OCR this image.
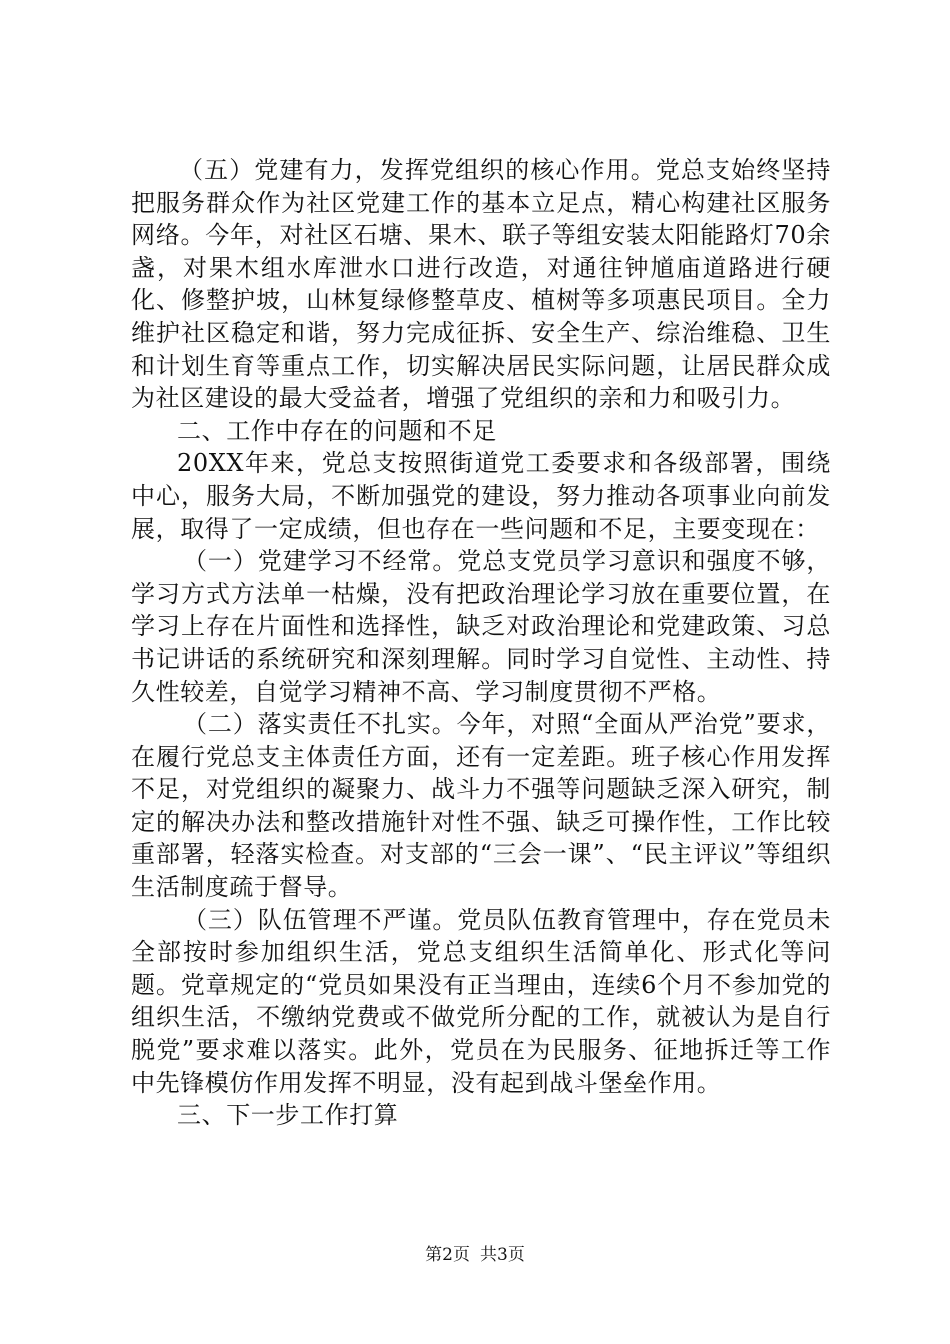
（五）党建有力，发挥党组织的核心作用。党总支始终坚持把服务群众作为社区党建工作的基本立足点，精心构建社区服务网络。今年，对社区石塘、果木、联子等组安装太阳能路灯70余盏，对果木组水库泄水口进行改造，对通往钟馗庙道路进行硬化、修整护坡，山林复绿修整草皮、植树等多项惠民项目。全力维护社区稳定和谐，努力完成征拆、安全生产、综治维稳、卫生和计划生育等重点工作，切实解决居民实际问题，让居民群众成为社区建设的最大受益者，增强了党组织的亲和力和吸引力。

二、工作中存在的问题和不足

20XX年来，党总支按照街道党工委要求和各级部署，围绕中心，服务大局，不断加强党的建设，努力推动各项事业向前发展，取得了一定成绩，但也存在一些问题和不足，主要变现在：

（一）党建学习不经常。党总支党员学习意识和强度不够，学习方式方法单一枯燥，没有把政治理论学习放在重要位置，在学习上存在片面性和选择性，缺乏对政治理论和党建政策、习总书记讲话的系统研究和深刻理解。同时学习自觉性、主动性、持久性较差，自觉学习精神不高、学习制度贯彻不严格。

（二）落实责任不扎实。今年，对照“全面从严治党”要求，在履行党总支主体责任方面，还有一定差距。班子核心作用发挥不足，对党组织的凝聚力、战斗力不强等问题缺乏深入研究，制定的解决办法和整改措施针对性不强、缺乏可操作性，工作比较重部署，轻落实检查。对支部的“三会一课”、“民主评议”等组织生活制度疏于督导。

（三）队伍管理不严谨。党员队伍教育管理中，存在党员未全部按时参加组织生活，党总支组织生活简单化、形式化等问题。党章规定的“党员如果没有正当理由，连续6个月不参加党的组织生活，不缴纳党费或不做党所分配的工作，就被认为是自行脱党”要求难以落实。此外，党员在为民服务、征地拆迁等工作中先锋模仿作用发挥不明显，没有起到战斗堡垒作用。

三、下一步工作打算

第2页 共3页
